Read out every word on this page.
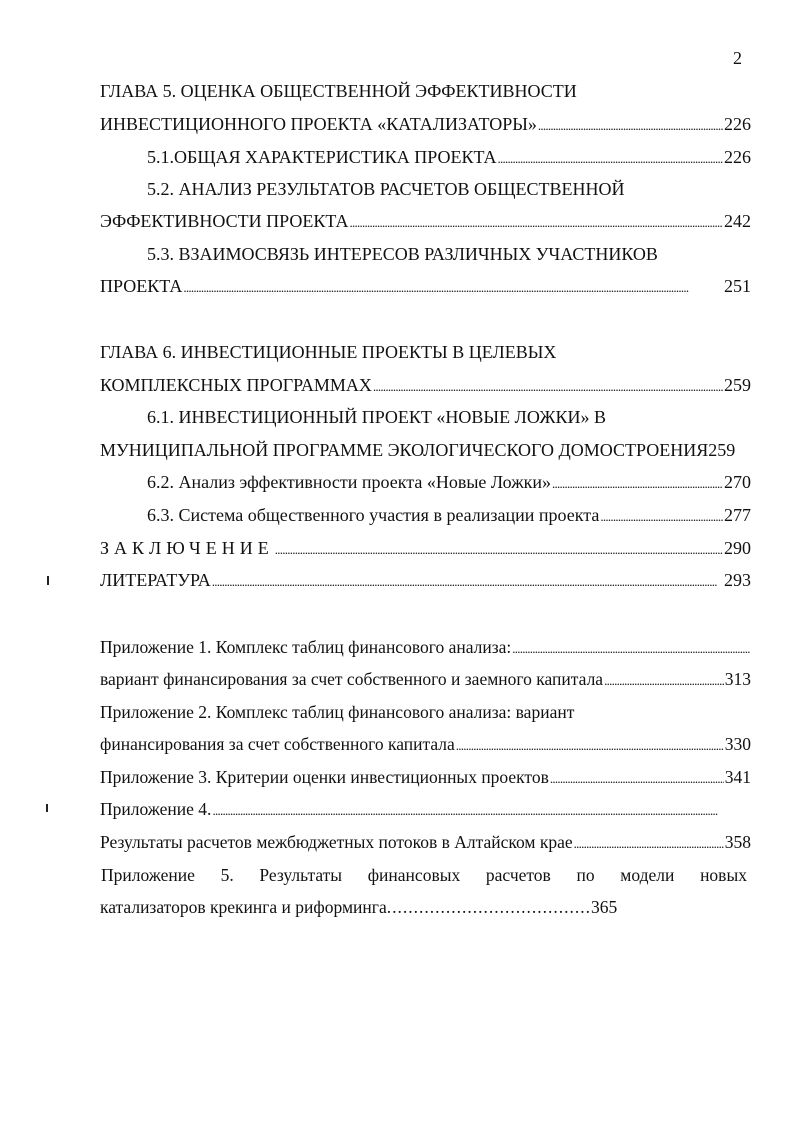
2
ГЛАВА 5. ОЦЕНКА ОБЩЕСТВЕННОЙ ЭФФЕКТИВНОСТИ
ИНВЕСТИЦИОННОГО ПРОЕКТА «КАТАЛИЗАТОРЫ» . . .	226
5.1.ОБЩАЯ ХАРАКТЕРИСТИКА ПРОЕКТА . . .	226
5.2. АНАЛИЗ РЕЗУЛЬТАТОВ РАСЧЕТОВ ОБЩЕСТВЕННОЙ
ЭФФЕКТИВНОСТИ ПРОЕКТА . . .	242
5.3. ВЗАИМОСВЯЗЬ ИНТЕРЕСОВ РАЗЛИЧНЫХ УЧАСТНИКОВ
ПРОЕКТА . . .	251
ГЛАВА 6. ИНВЕСТИЦИОННЫЕ ПРОЕКТЫ В ЦЕЛЕВЫХ
КОМПЛЕКСНЫХ ПРОГРАММАХ . . .	259
6.1. ИНВЕСТИЦИОННЫЙ ПРОЕКТ «НОВЫЕ ЛОЖКИ» В
МУНИЦИПАЛЬНОЙ ПРОГРАММЕ ЭКОЛОГИЧЕСКОГО ДОМОСТРОЕНИЯ259
6.2. Анализ эффективности проекта «Новые Ложки» . . .	270
6.3. Система общественного участия в реализации проекта . . .	277
ЗАКЛЮЧЕНИЕ . . .	290
ЛИТЕРАТУРА . . .	293
Приложение 1. Комплекс таблиц финансового анализа:
. . .
вариант финансирования за счет собственного и заемного капитала . . .	313
Приложение 2. Комплекс таблиц финансового анализа: вариант
финансирования за счет собственного капитала . . .	330
Приложение 3. Критерии оценки инвестиционных проектов . . .	341
Приложение 4.
. . .
Результаты расчетов межбюджетных потоков в Алтайском крае . . .	358
Приложение 5. Результаты финансовых расчетов по модели новых
катализаторов крекинга и риформинга......................................365
